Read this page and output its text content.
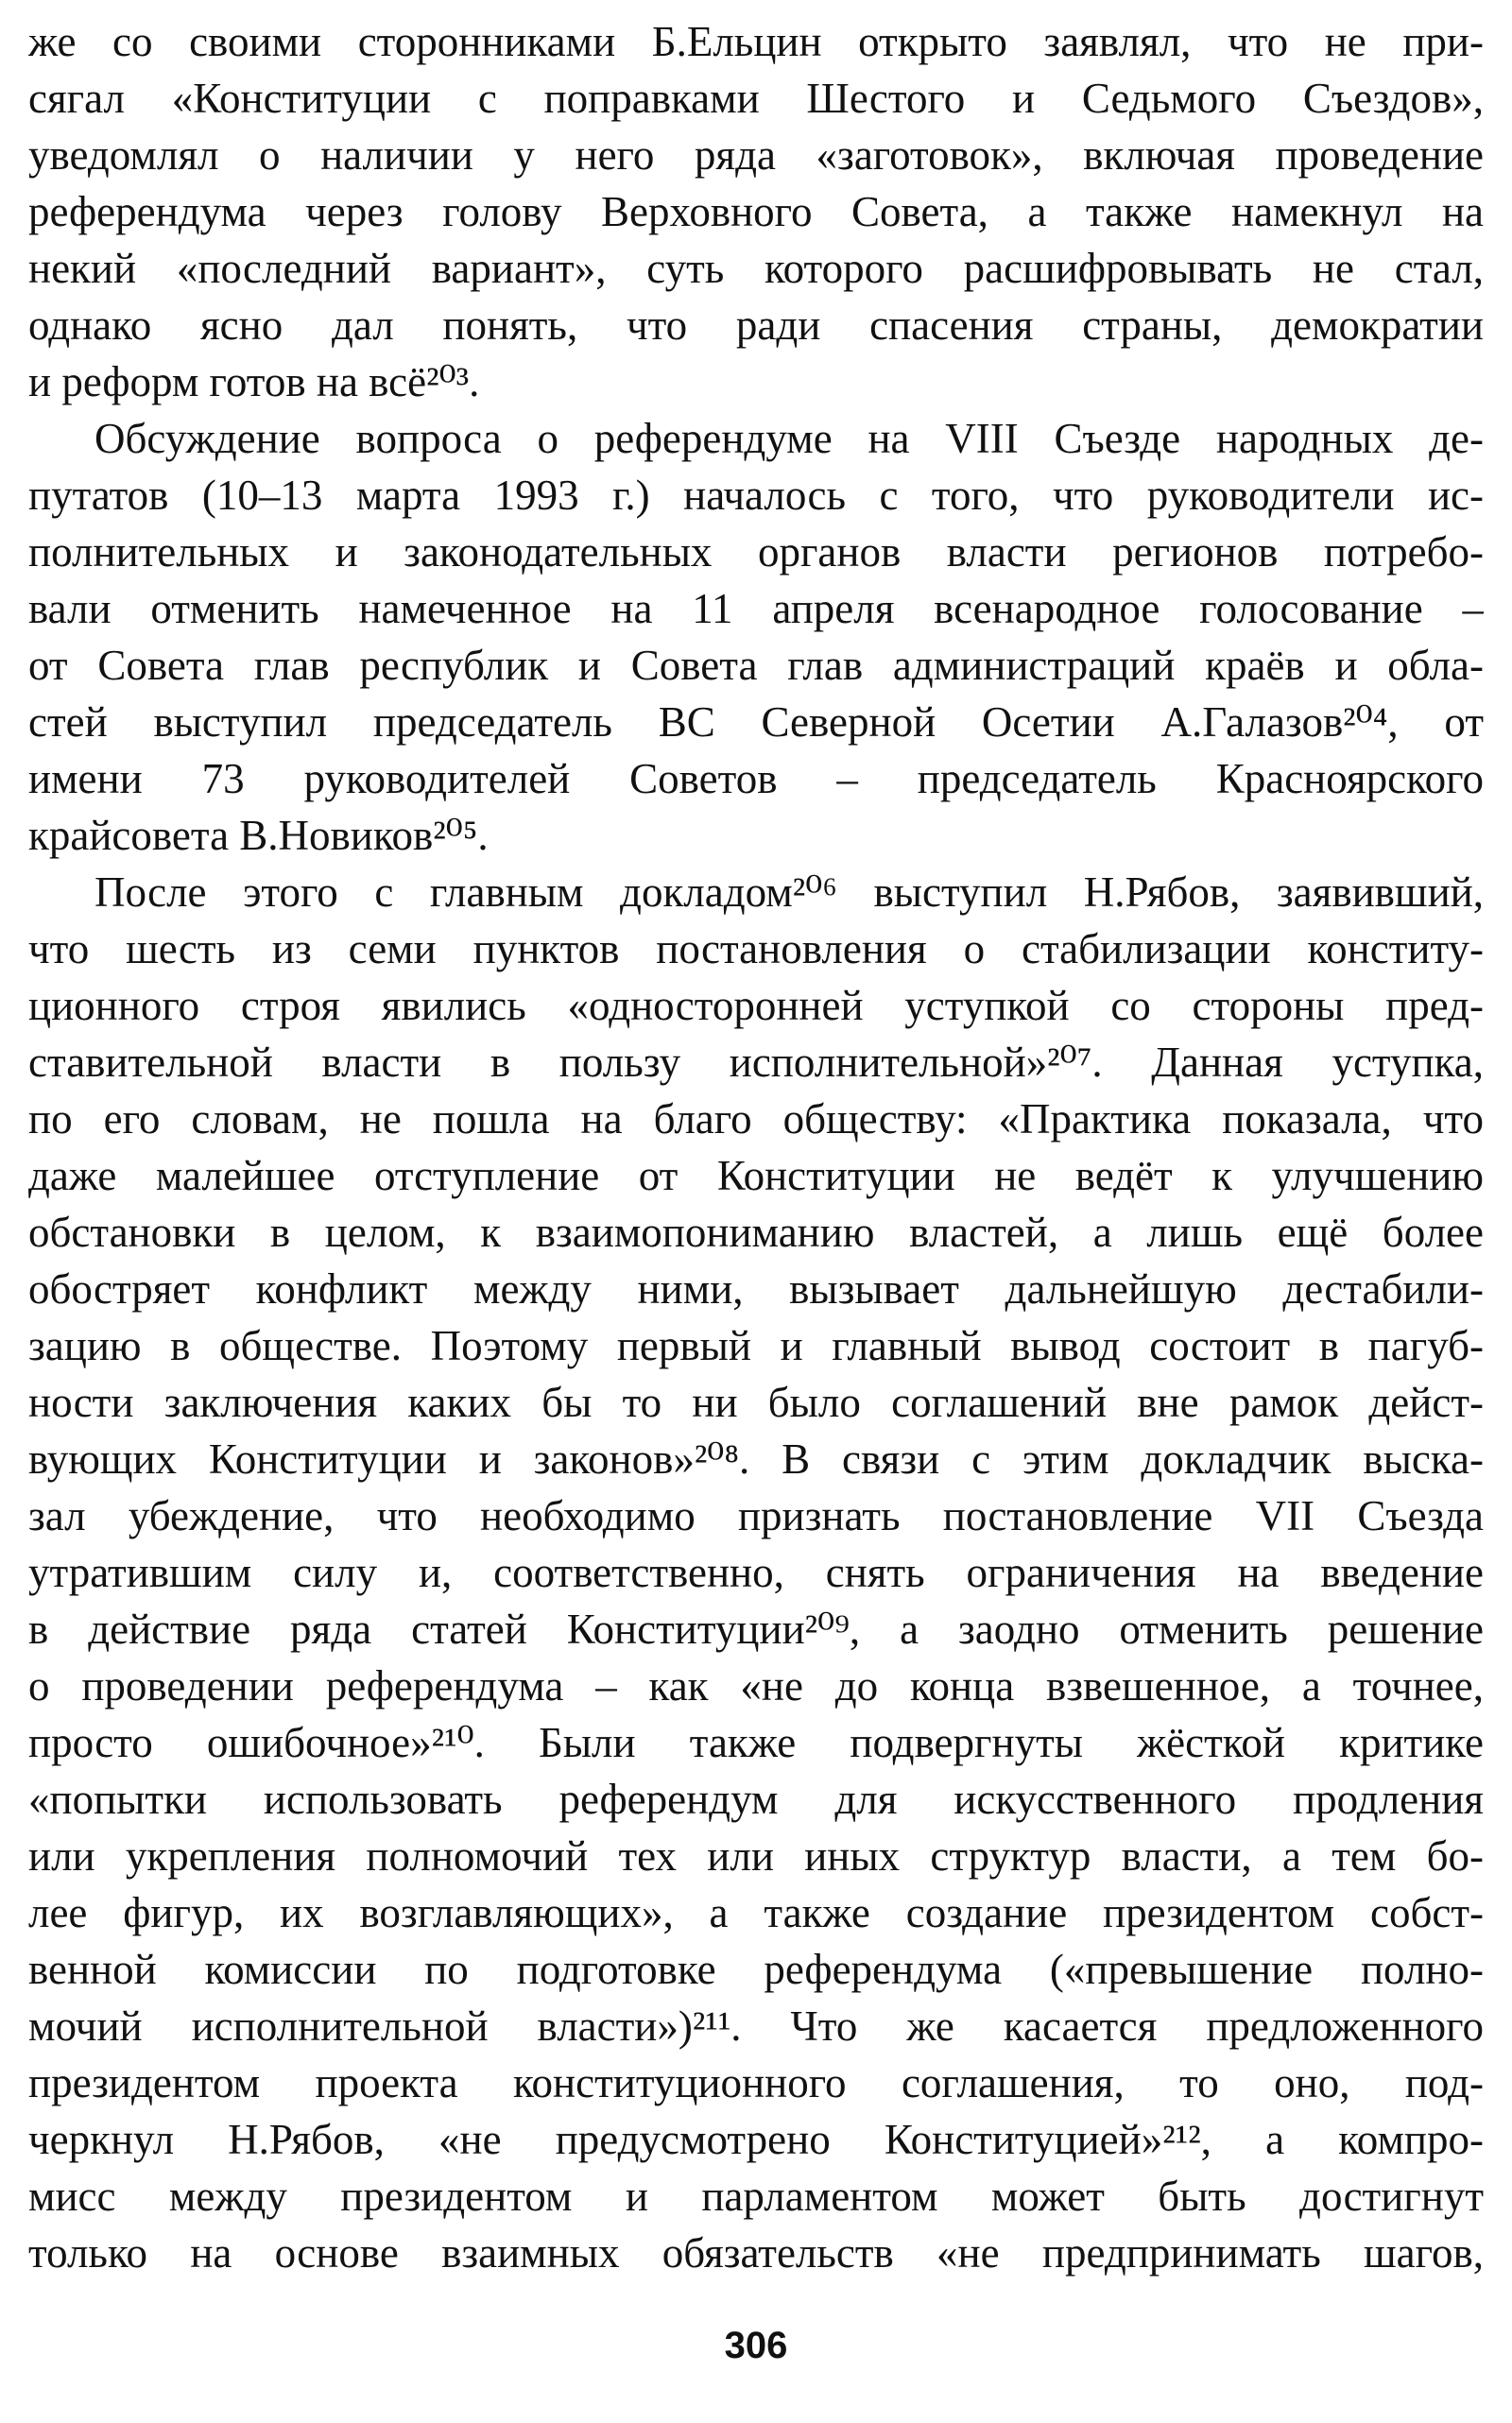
же со своими сторонниками Б.Ельцин открыто заявлял, что не при-
сягал «Конституции с поправками Шестого и Седьмого Съездов»,
уведомлял о наличии у него ряда «заготовок», включая проведение
референдума через голову Верховного Совета, а также намекнул на
некий «последний вариант», суть которого расшифровывать не стал,
однако ясно дал понять, что ради спасения страны, демократии
и реформ готов на всё²⁰³.
Обсуждение вопроса о референдуме на VIII Съезде народных де-
путатов (10–13 марта 1993 г.) началось с того, что руководители ис-
полнительных и законодательных органов власти регионов потребо-
вали отменить намеченное на 11 апреля всенародное голосование –
от Совета глав республик и Совета глав администраций краёв и обла-
стей выступил председатель ВС Северной Осетии А.Галазов²⁰⁴, от
имени 73 руководителей Советов – председатель Красноярского
крайсовета В.Новиков²⁰⁵.
После этого с главным докладом²⁰⁶ выступил Н.Рябов, заявивший,
что шесть из семи пунктов постановления о стабилизации конститу-
ционного строя явились «односторонней уступкой со стороны пред-
ставительной власти в пользу исполнительной»²⁰⁷. Данная уступка,
по его словам, не пошла на благо обществу: «Практика показала, что
даже малейшее отступление от Конституции не ведёт к улучшению
обстановки в целом, к взаимопониманию властей, а лишь ещё более
обостряет конфликт между ними, вызывает дальнейшую дестабили-
зацию в обществе. Поэтому первый и главный вывод состоит в пагуб-
ности заключения каких бы то ни было соглашений вне рамок дейст-
вующих Конституции и законов»²⁰⁸. В связи с этим докладчик выска-
зал убеждение, что необходимо признать постановление VII Съезда
утратившим силу и, соответственно, снять ограничения на введение
в действие ряда статей Конституции²⁰⁹, а заодно отменить решение
о проведении референдума – как «не до конца взвешенное, а точнее,
просто ошибочное»²¹⁰. Были также подвергнуты жёсткой критике
«попытки использовать референдум для искусственного продления
или укрепления полномочий тех или иных структур власти, а тем бо-
лее фигур, их возглавляющих», а также создание президентом собст-
венной комиссии по подготовке референдума («превышение полно-
мочий исполнительной власти»)²¹¹. Что же касается предложенного
президентом проекта конституционного соглашения, то оно, под-
черкнул Н.Рябов, «не предусмотрено Конституцией»²¹², а компро-
мисс между президентом и парламентом может быть достигнут
только на основе взаимных обязательств «не предпринимать шагов,
306
